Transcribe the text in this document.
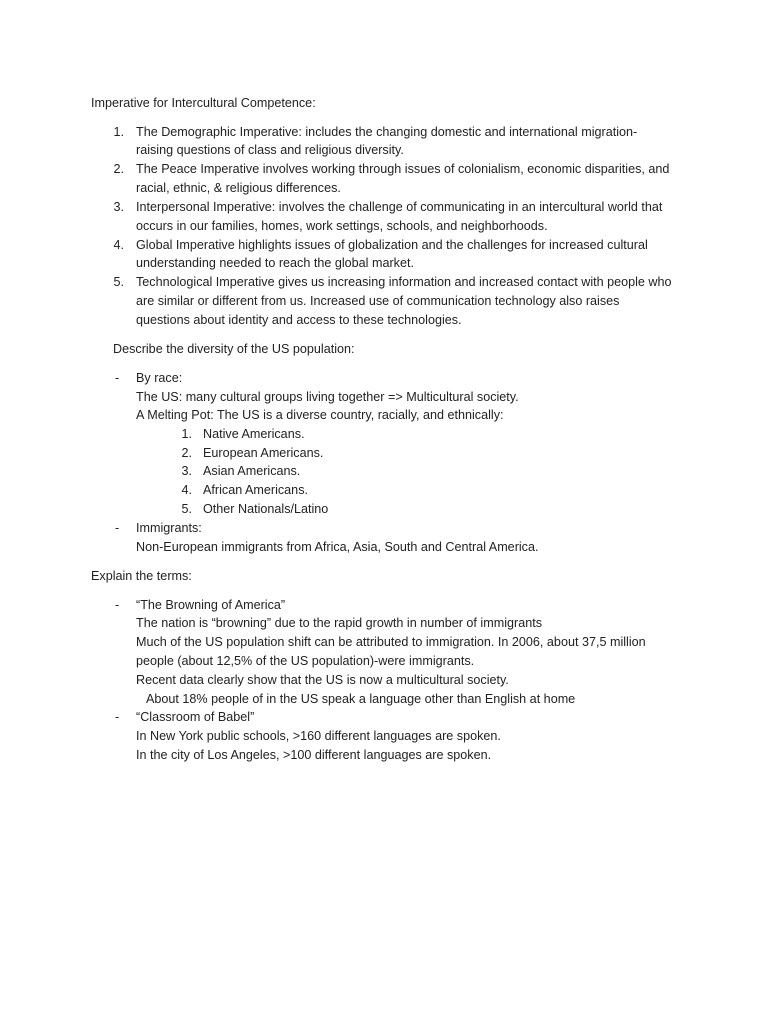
Imperative for Intercultural Competence:
1. The Demographic Imperative: includes the changing domestic and international migration-
raising questions of class and religious diversity.
2. The Peace Imperative involves working through issues of colonialism, economic disparities, and
racial, ethnic, & religious differences.
3. Interpersonal Imperative: involves the challenge of communicating in an intercultural world that
occurs in our families, homes, work settings, schools, and neighborhoods.
4. Global Imperative highlights issues of globalization and the challenges for increased cultural
understanding needed to reach the global market.
5. Technological Imperative gives us increasing information and increased contact with people who
are similar or different from us. Increased use of communication technology also raises
questions about identity and access to these technologies.
Describe the diversity of the US population:
- By race:
The US: many cultural groups living together => Multicultural society.
A Melting Pot: The US is a diverse country, racially, and ethnically:
1. Native Americans.
2. European Americans.
3. Asian Americans.
4. African Americans.
5. Other Nationals/Latino
- Immigrants:
Non-European immigrants from Africa, Asia, South and Central America.
Explain the terms:
- “The Browning of America”
The nation is “browning” due to the rapid growth in number of immigrants
Much of the US population shift can be attributed to immigration. In 2006, about 37,5 million
people (about 12,5% of the US population)-were immigrants.
Recent data clearly show that the US is now a multicultural society.
About 18% people of in the US speak a language other than English at home
- “Classroom of Babel”
In New York public schools, >160 different languages are spoken.
In the city of Los Angeles, >100 different languages are spoken.
